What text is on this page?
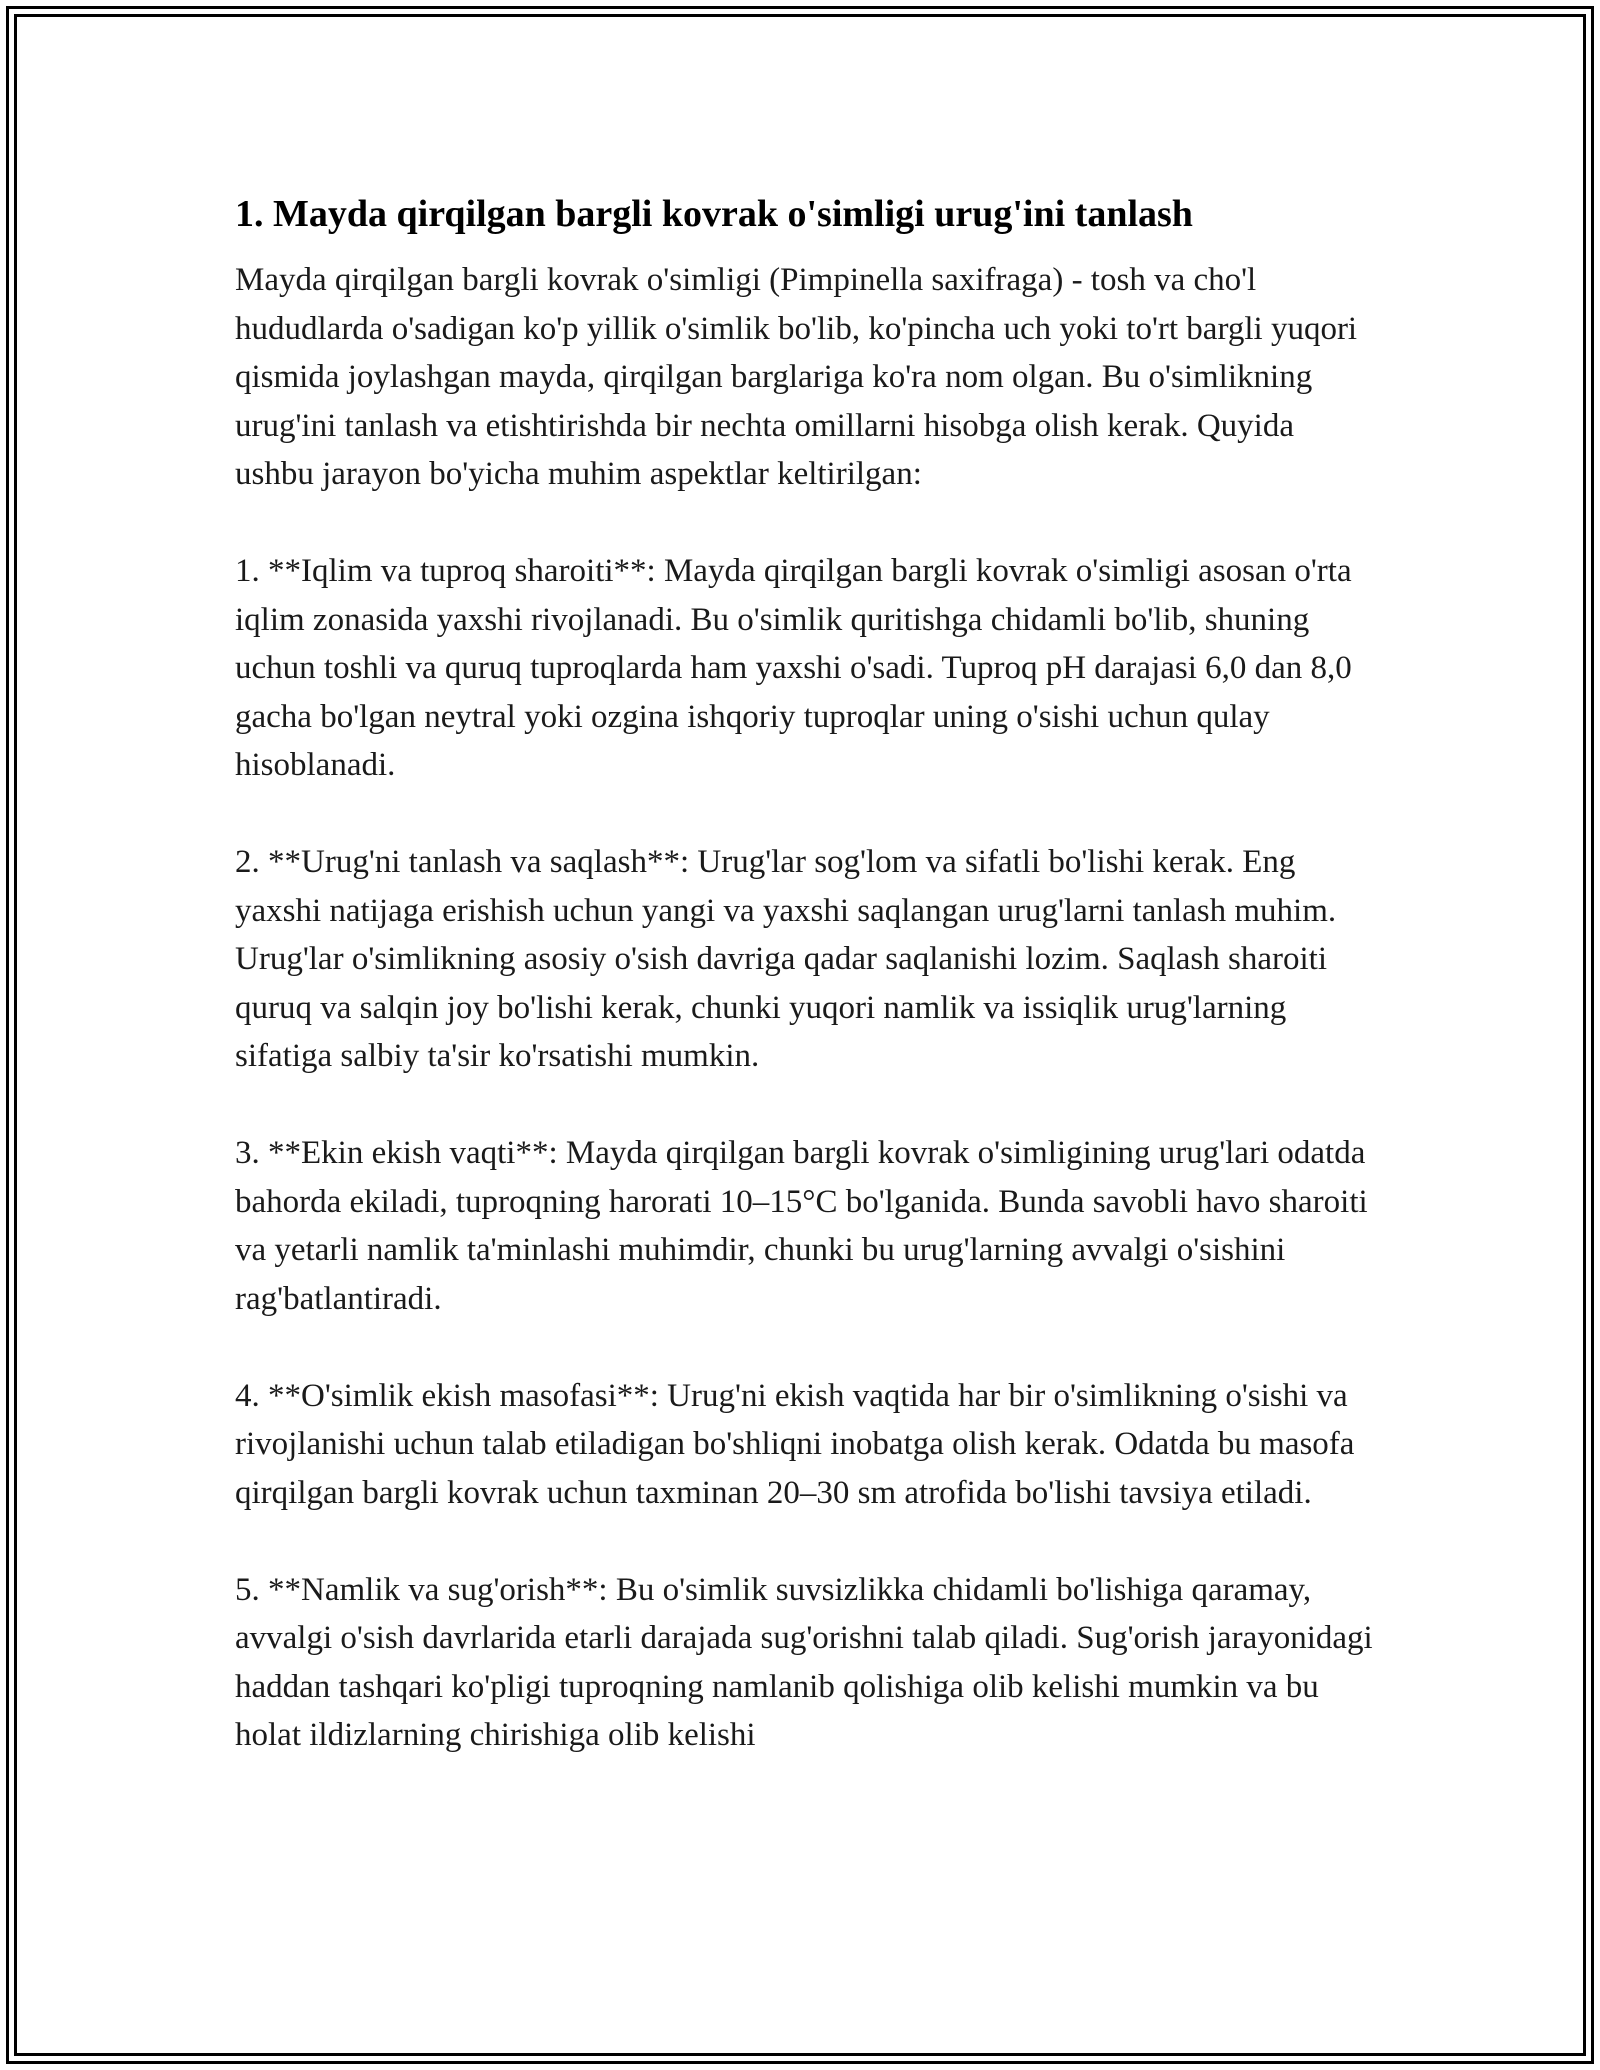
1. Mayda qirqilgan bargli kovrak o'simligi urug'ini tanlash

Mayda qirqilgan bargli kovrak o'simligi (Pimpinella saxifraga) - tosh va cho'l hududlarda o'sadigan ko'p yillik o'simlik bo'lib, ko'pincha uch yoki to'rt bargli yuqori qismida joylashgan mayda, qirqilgan barglariga ko'ra nom olgan. Bu o'simlikning urug'ini tanlash va etishtirishda bir nechta omillarni hisobga olish kerak. Quyida ushbu jarayon bo'yicha muhim aspektlar keltirilgan:

1. **Iqlim va tuproq sharoiti**: Mayda qirqilgan bargli kovrak o'simligi asosan o'rta iqlim zonasida yaxshi rivojlanadi. Bu o'simlik quritishga chidamli bo'lib, shuning uchun toshli va quruq tuproqlarda ham yaxshi o'sadi. Tuproq pH darajasi 6,0 dan 8,0 gacha bo'lgan neytral yoki ozgina ishqoriy tuproqlar uning o'sishi uchun qulay hisoblanadi.

2. **Urug'ni tanlash va saqlash**: Urug'lar sog'lom va sifatli bo'lishi kerak. Eng yaxshi natijaga erishish uchun yangi va yaxshi saqlangan urug'larni tanlash muhim. Urug'lar o'simlikning asosiy o'sish davriga qadar saqlanishi lozim. Saqlash sharoiti quruq va salqin joy bo'lishi kerak, chunki yuqori namlik va issiqlik urug'larning sifatiga salbiy ta'sir ko'rsatishi mumkin.

3. **Ekin ekish vaqti**: Mayda qirqilgan bargli kovrak o'simligining urug'lari odatda bahorda ekiladi, tuproqning harorati 10–15°C bo'lganida. Bunda savobli havo sharoiti va yetarli namlik ta'minlashi muhimdir, chunki bu urug'larning avvalgi o'sishini rag'batlantiradi.

4. **O'simlik ekish masofasi**: Urug'ni ekish vaqtida har bir o'simlikning o'sishi va rivojlanishi uchun talab etiladigan bo'shliqni inobatga olish kerak. Odatda bu masofa qirqilgan bargli kovrak uchun taxminan 20–30 sm atrofida bo'lishi tavsiya etiladi.

5. **Namlik va sug'orish**: Bu o'simlik suvsizlikka chidamli bo'lishiga qaramay, avvalgi o'sish davrlarida etarli darajada sug'orishni talab qiladi. Sug'orish jarayonidagi haddan tashqari ko'pligi tuproqning namlanib qolishiga olib kelishi mumkin va bu holat ildizlarning chirishiga olib kelishi
